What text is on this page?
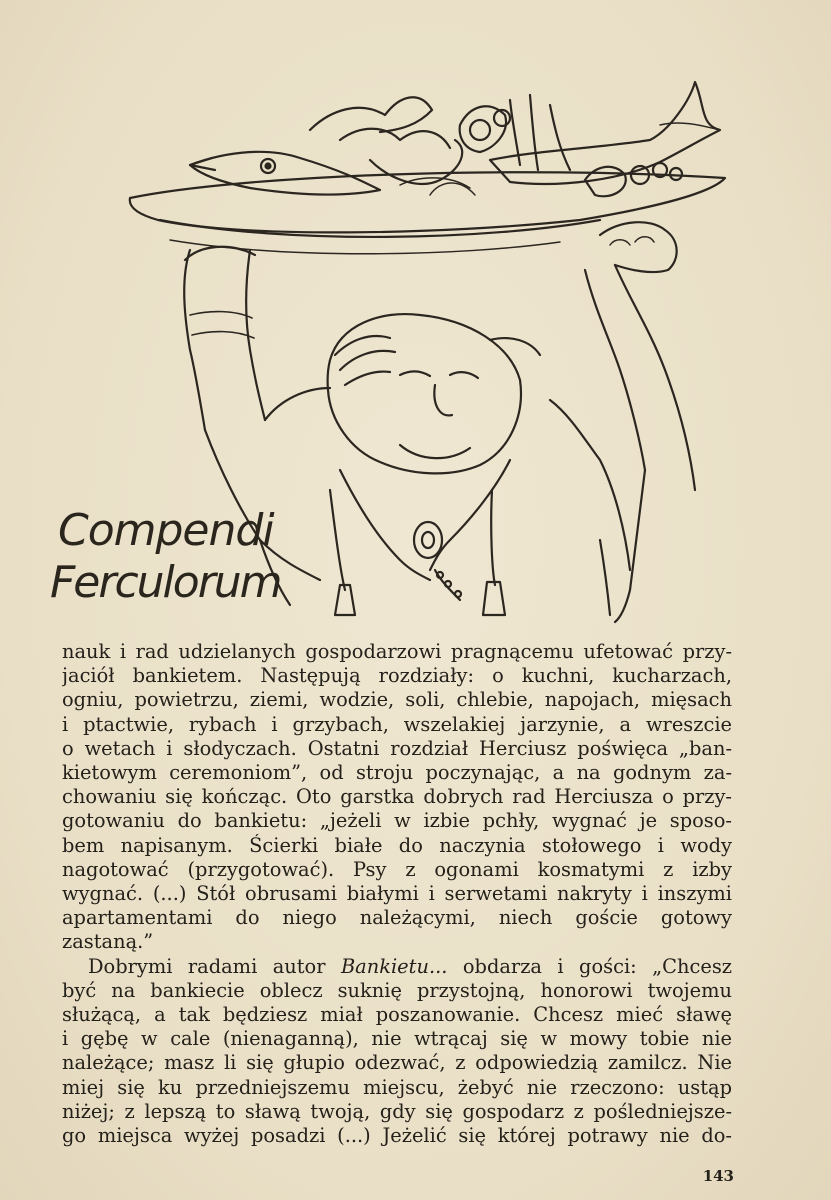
Compendi
Ferculorum

nauk i rad udzielanych gospodarzowi pragnącemu ufetować przy-
jaciół bankietem. Następują rozdziały: o kuchni, kucharzach,
ogniu, powietrzu, ziemi, wodzie, soli, chlebie, napojach, mięsach
i ptactwie, rybach i grzybach, wszelakiej jarzynie, a wreszcie
o wetach i słodyczach. Ostatni rozdział Herciusz poświęca „ban-
kietowym ceremoniom”, od stroju poczynając, a na godnym za-
chowaniu się kończąc. Oto garstka dobrych rad Herciusza o przy-
gotowaniu do bankietu: „jeżeli w izbie pchły, wygnać je sposo-
bem napisanym. Ścierki białe do naczynia stołowego i wody
nagotować (przygotować). Psy z ogonami kosmatymi z izby
wygnać. (...) Stół obrusami białymi i serwetami nakryty i inszymi
apartamentami do niego należącymi, niech goście gotowy
zastaną.”

Dobrymi radami autor Bankietu... obdarza i gości: „Chcesz
być na bankiecie oblecz suknię przystojną, honorowi twojemu
służącą, a tak będziesz miał poszanowanie. Chcesz mieć sławę
i gębę w cale (nienaganną), nie wtrącaj się w mowy tobie nie
należące; masz li się głupio odezwać, z odpowiedzią zamilcz. Nie
miej się ku przedniejszemu miejscu, żebyć nie rzeczono: ustąp
niżej; z lepszą to sławą twoją, gdy się gospodarz z pośledniejsze-
go miejsca wyżej posadzi (...) Jeżelić się której potrawy nie do-

143
